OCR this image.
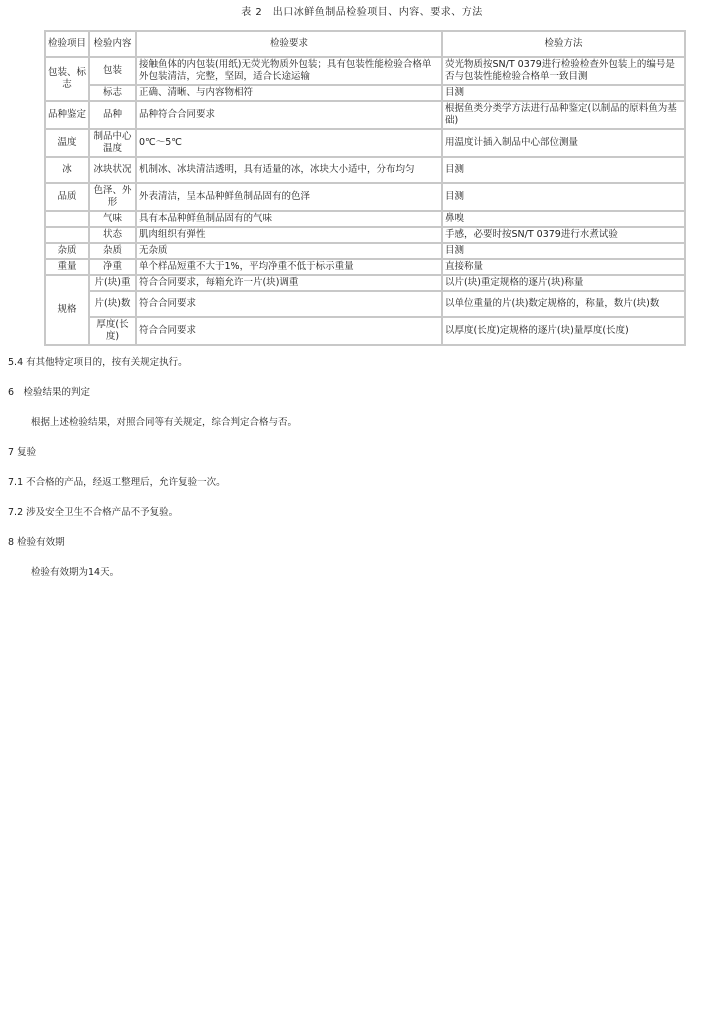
表 2　出口冰鲜鱼制品检验项目、内容、要求、方法
检验项目	检验内容	检验要求	检验方法
包装、标志	包装	接触鱼体的内包装(用纸)无荧光物质外包装；具有包装性能检验合格单外包装清洁，完整，坚固，适合长途运输	荧光物质按SN/T 0379进行检验检查外包装上的编号是否与包装性能检验合格单一致目测
	标志	正确、清晰、与内容物相符	目测
品种鉴定	品种	品种符合合同要求	根据鱼类分类学方法进行品种鉴定(以制品的原料鱼为基础)
温度	制品中心温度	0℃～5℃	用温度计插入制品中心部位测量
冰	冰块状况	机制冰、冰块清洁透明，具有适量的冰，冰块大小适中，分布均匀	目测
品质	色泽、外形	外表清洁，呈本品种鲜鱼制品固有的色泽	目测
	气味	具有本品种鲜鱼制品固有的气味	鼻嗅
	状态	肌肉组织有弹性	手感，必要时按SN/T 0379进行水煮试验
杂质	杂质	无杂质	目测
重量	净重	单个样品短重不大于1%，平均净重不低于标示重量	直接称量
规格	片(块)重	符合合同要求，每箱允许一片(块)调重	以片(块)重定规格的逐片(块)称量
	片(块)数	符合合同要求	以单位重量的片(块)数定规格的，称量，数片(块)数
	厚度(长度)	符合合同要求	以厚度(长度)定规格的逐片(块)量厚度(长度)
5.4 有其他特定项目的，按有关规定执行。
6　检验结果的判定
根据上述检验结果，对照合同等有关规定，综合判定合格与否。
7 复验
7.1 不合格的产品，经返工整理后，允许复验一次。
7.2 涉及安全卫生不合格产品不予复验。
8 检验有效期
检验有效期为14天。
